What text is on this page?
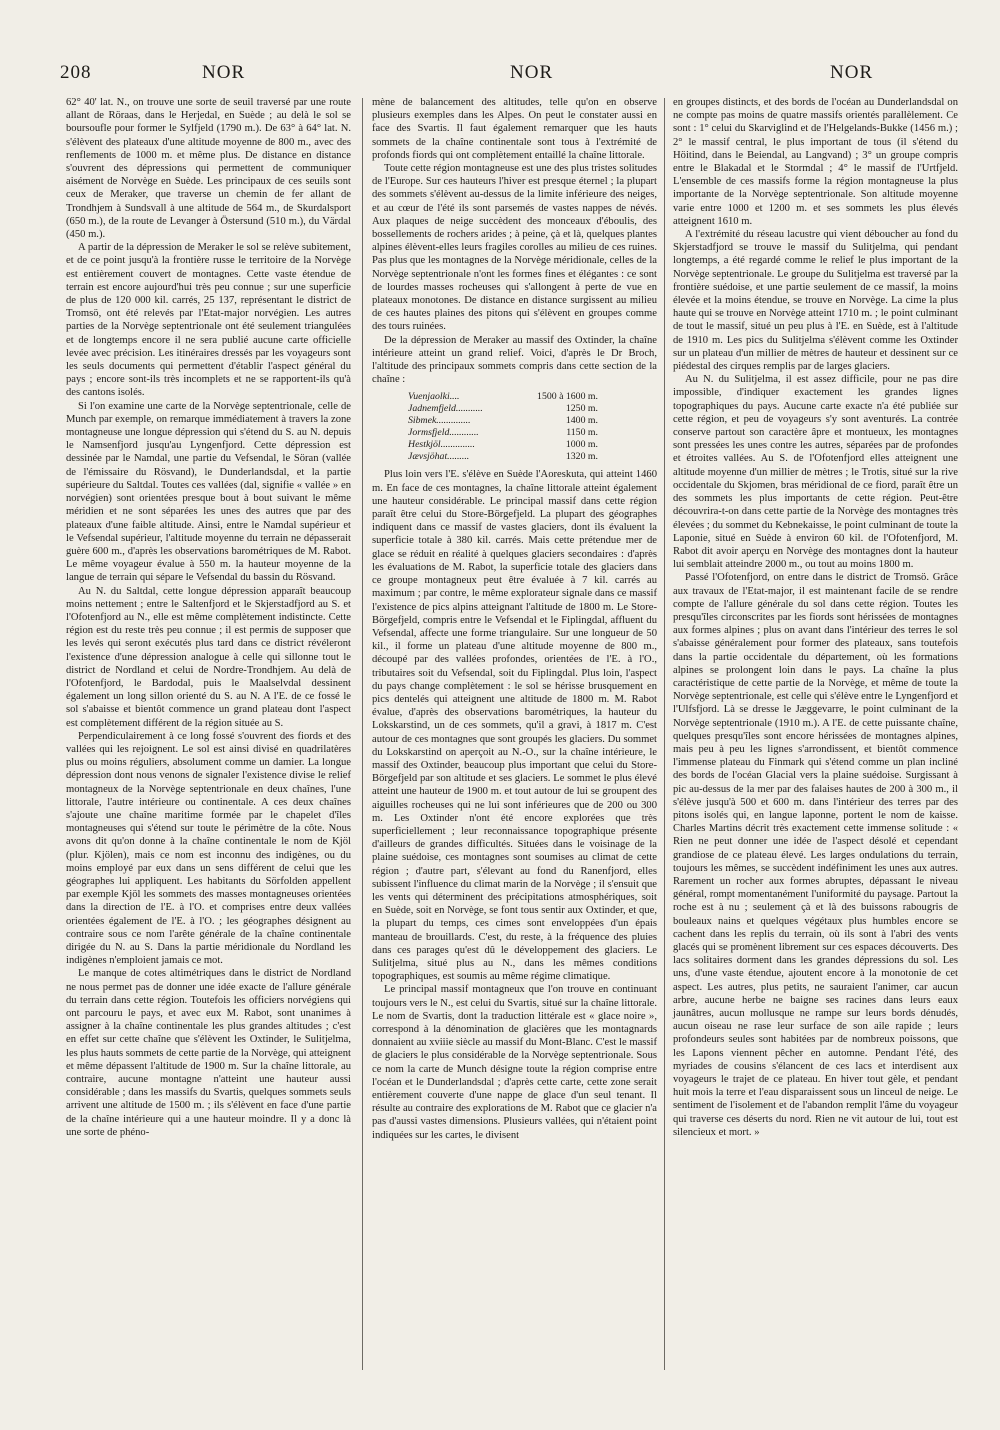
208	NOR	NOR	NOR

62° 40' lat. N., on trouve une sorte de seuil traversé par une route allant de Röraas, dans le Herjedal, en Suède ; au delà le sol se boursoufle pour former le Sylfjeld (1790 m.). De 63° à 64° lat. N. s'élèvent des plateaux d'une altitude moyenne de 800 m., avec des renflements de 1000 m. et même plus. De distance en distance s'ouvrent des dépressions qui permettent de communiquer aisément de Norvège en Suède. Les principaux de ces seuils sont ceux de Meraker, que traverse un chemin de fer allant de Trondhjem à Sundsvall à une altitude de 564 m., de Skurdalsport (650 m.), de la route de Levanger à Östersund (510 m.), du Värdal (450 m.).

A partir de la dépression de Meraker le sol se relève subitement, et de ce point jusqu'à la frontière russe le territoire de la Norvège est entièrement couvert de montagnes. Cette vaste étendue de terrain est encore aujourd'hui très peu connue ; sur une superficie de plus de 120 000 kil. carrés, 25 137, représentant le district de Tromsö, ont été relevés par l'Etat-major norvégien. Les autres parties de la Norvège septentrionale ont été seulement triangulées et de longtemps encore il ne sera publié aucune carte officielle levée avec précision. Les itinéraires dressés par les voyageurs sont les seuls documents qui permettent d'établir l'aspect général du pays ; encore sont-ils très incomplets et ne se rapportent-ils qu'à des cantons isolés.

Si l'on examine une carte de la Norvège septentrionale, celle de Munch par exemple, on remarque immédiatement à travers la zone montagneuse une longue dépression qui s'étend du S. au N. depuis le Namsenfjord jusqu'au Lyngenfjord. Cette dépression est dessinée par le Namdal, une partie du Vefsendal, le Söran (vallée de l'émissaire du Rösvand), le Dunderlandsdal, et la partie supérieure du Saltdal. Toutes ces vallées (dal, signifie « vallée » en norvégien) sont orientées presque bout à bout suivant le même méridien et ne sont séparées les unes des autres que par des plateaux d'une faible altitude. Ainsi, entre le Namdal supérieur et le Vefsendal supérieur, l'altitude moyenne du terrain ne dépasserait guère 600 m., d'après les observations barométriques de M. Rabot. Le même voyageur évalue à 550 m. la hauteur moyenne de la langue de terrain qui sépare le Vefsendal du bassin du Rösvand.

Au N. du Saltdal, cette longue dépression apparaît beaucoup moins nettement ; entre le Saltenfjord et le Skjerstadfjord au S. et l'Ofotenfjord au N., elle est même complètement indistincte. Cette région est du reste très peu connue ; il est permis de supposer que les levés qui seront exécutés plus tard dans ce district révéleront l'existence d'une dépression analogue à celle qui sillonne tout le district de Nordland et celui de Nordre-Trondhjem. Au delà de l'Ofotenfjord, le Bardodal, puis le Maalselvdal dessinent également un long sillon orienté du S. au N. A l'E. de ce fossé le sol s'abaisse et bientôt commence un grand plateau dont l'aspect est complètement différent de la région située au S.

Perpendiculairement à ce long fossé s'ouvrent des fiords et des vallées qui les rejoignent. Le sol est ainsi divisé en quadrilatères plus ou moins réguliers, absolument comme un damier. La longue dépression dont nous venons de signaler l'existence divise le relief montagneux de la Norvège septentrionale en deux chaînes, l'une littorale, l'autre intérieure ou continentale. A ces deux chaînes s'ajoute une chaîne maritime formée par le chapelet d'îles montagneuses qui s'étend sur toute le périmètre de la côte. Nous avons dit qu'on donne à la chaîne continentale le nom de Kjöl (plur. Kjölen), mais ce nom est inconnu des indigènes, ou du moins employé par eux dans un sens différent de celui que les géographes lui appliquent. Les habitants du Sörfolden appellent par exemple Kjöl les sommets des masses montagneuses orientées dans la direction de l'E. à l'O. et comprises entre deux vallées orientées également de l'E. à l'O. ; les géographes désignent au contraire sous ce nom l'arête générale de la chaîne continentale dirigée du N. au S. Dans la partie méridionale du Nordland les indigènes n'emploient jamais ce mot.

Le manque de cotes altimétriques dans le district de Nordland ne nous permet pas de donner une idée exacte de l'allure générale du terrain dans cette région. Toutefois les officiers norvégiens qui ont parcouru le pays, et avec eux M. Rabot, sont unanimes à assigner à la chaîne continentale les plus grandes altitudes ; c'est en effet sur cette chaîne que s'élèvent les Oxtinder, le Sulitjelma, les plus hauts sommets de cette partie de la Norvège, qui atteignent et même dépassent l'altitude de 1900 m. Sur la chaîne littorale, au contraire, aucune montagne n'atteint une hauteur aussi considérable ; dans les massifs du Svartis, quelques sommets seuls arrivent une altitude de 1500 m. ; ils s'élèvent en face d'une partie de la chaîne intérieure qui a une hauteur moindre. Il y a donc là une sorte de phéno-

mène de balancement des altitudes, telle qu'on en observe plusieurs exemples dans les Alpes. On peut le constater aussi en face des Svartis. Il faut également remarquer que les hauts sommets de la chaîne continentale sont tous à l'extrémité de profonds fiords qui ont complètement entaillé la chaîne littorale.

Toute cette région montagneuse est une des plus tristes solitudes de l'Europe. Sur ces hauteurs l'hiver est presque éternel ; la plupart des sommets s'élèvent au-dessus de la limite inférieure des neiges, et au cœur de l'été ils sont parsemés de vastes nappes de névés. Aux plaques de neige succèdent des monceaux d'éboulis, des bossellements de rochers arides ; à peine, çà et là, quelques plantes alpines élèvent-elles leurs fragiles corolles au milieu de ces ruines. Pas plus que les montagnes de la Norvège méridionale, celles de la Norvège septentrionale n'ont les formes fines et élégantes : ce sont de lourdes masses rocheuses qui s'allongent à perte de vue en plateaux monotones. De distance en distance surgissent au milieu de ces hautes plaines des pitons qui s'élèvent en groupes comme des tours ruinées.

De la dépression de Meraker au massif des Oxtinder, la chaîne intérieure atteint un grand relief. Voici, d'après le Dr Broch, l'altitude des principaux sommets compris dans cette section de la chaîne :

Vuenjaolki....	1500 à 1600 m.
Jadnemfjeld...........	1250 m.
Sibmek..............	1400 m.
Jormsfjeld............	1150 m.
Hestkjöl..............	1000 m.
Jævsjöhat.........	1320 m.

Plus loin vers l'E. s'élève en Suède l'Aoreskuta, qui atteint 1460 m. En face de ces montagnes, la chaîne littorale atteint également une hauteur considérable. Le principal massif dans cette région paraît être celui du Store-Börgefjeld. La plupart des géographes indiquent dans ce massif de vastes glaciers, dont ils évaluent la superficie totale à 380 kil. carrés. Mais cette prétendue mer de glace se réduit en réalité à quelques glaciers secondaires : d'après les évaluations de M. Rabot, la superficie totale des glaciers dans ce groupe montagneux peut être évaluée à 7 kil. carrés au maximum ; par contre, le même explorateur signale dans ce massif l'existence de pics alpins atteignant l'altitude de 1800 m. Le Store-Börgefjeld, compris entre le Vefsendal et le Fiplingdal, affluent du Vefsendal, affecte une forme triangulaire. Sur une longueur de 50 kil., il forme un plateau d'une altitude moyenne de 800 m., découpé par des vallées profondes, orientées de l'E. à l'O., tributaires soit du Vefsendal, soit du Fiplingdal. Plus loin, l'aspect du pays change complètement : le sol se hérisse brusquement en pics dentelés qui atteignent une altitude de 1800 m. M. Rabot évalue, d'après des observations barométriques, la hauteur du Lokskarstind, un de ces sommets, qu'il a gravi, à 1817 m. C'est autour de ces montagnes que sont groupés les glaciers. Du sommet du Lokskarstind on aperçoit au N.-O., sur la chaîne intérieure, le massif des Oxtinder, beaucoup plus important que celui du Store-Börgefjeld par son altitude et ses glaciers. Le sommet le plus élevé atteint une hauteur de 1900 m. et tout autour de lui se groupent des aiguilles rocheuses qui ne lui sont inférieures que de 200 ou 300 m. Les Oxtinder n'ont été encore explorées que très superficiellement ; leur reconnaissance topographique présente d'ailleurs de grandes difficultés. Situées dans le voisinage de la plaine suédoise, ces montagnes sont soumises au climat de cette région ; d'autre part, s'élevant au fond du Ranenfjord, elles subissent l'influence du climat marin de la Norvège ; il s'ensuit que les vents qui déterminent des précipitations atmosphériques, soit en Suède, soit en Norvège, se font tous sentir aux Oxtinder, et que, la plupart du temps, ces cimes sont enveloppées d'un épais manteau de brouillards. C'est, du reste, à la fréquence des pluies dans ces parages qu'est dû le développement des glaciers. Le Sulitjelma, situé plus au N., dans les mêmes conditions topographiques, est soumis au même régime climatique.

Le principal massif montagneux que l'on trouve en continuant toujours vers le N., est celui du Svartis, situé sur la chaîne littorale. Le nom de Svartis, dont la traduction littérale est « glace noire », correspond à la dénomination de glacières que les montagnards donnaient au xviiie siècle au massif du Mont-Blanc. C'est le massif de glaciers le plus considérable de la Norvège septentrionale. Sous ce nom la carte de Munch désigne toute la région comprise entre l'océan et le Dunderlandsdal ; d'après cette carte, cette zone serait entièrement couverte d'une nappe de glace d'un seul tenant. Il résulte au contraire des explorations de M. Rabot que ce glacier n'a pas d'aussi vastes dimensions. Plusieurs vallées, qui n'étaient point indiquées sur les cartes, le divisent

en groupes distincts, et des bords de l'océan au Dunderlandsdal on ne compte pas moins de quatre massifs orientés parallèlement. Ce sont : 1° celui du Skarviglind et de l'Helgelands-Bukke (1456 m.) ; 2° le massif central, le plus important de tous (il s'étend du Höitind, dans le Beiendal, au Langvand) ; 3° un groupe compris entre le Blakadal et le Stormdal ; 4° le massif de l'Urtfjeld. L'ensemble de ces massifs forme la région montagneuse la plus importante de la Norvège septentrionale. Son altitude moyenne varie entre 1000 et 1200 m. et ses sommets les plus élevés atteignent 1610 m.

A l'extrémité du réseau lacustre qui vient déboucher au fond du Skjerstadfjord se trouve le massif du Sulitjelma, qui pendant longtemps, a été regardé comme le relief le plus important de la Norvège septentrionale. Le groupe du Sulitjelma est traversé par la frontière suédoise, et une partie seulement de ce massif, la moins élevée et la moins étendue, se trouve en Norvège. La cime la plus haute qui se trouve en Norvège atteint 1710 m. ; le point culminant de tout le massif, situé un peu plus à l'E. en Suède, est à l'altitude de 1910 m. Les pics du Sulitjelma s'élèvent comme les Oxtinder sur un plateau d'un millier de mètres de hauteur et dessinent sur ce piédestal des cirques remplis par de larges glaciers.

Au N. du Sulitjelma, il est assez difficile, pour ne pas dire impossible, d'indiquer exactement les grandes lignes topographiques du pays. Aucune carte exacte n'a été publiée sur cette région, et peu de voyageurs s'y sont aventurés. La contrée conserve partout son caractère âpre et montueux, les montagnes sont pressées les unes contre les autres, séparées par de profondes et étroites vallées. Au S. de l'Ofotenfjord elles atteignent une altitude moyenne d'un millier de mètres ; le Trotis, situé sur la rive occidentale du Skjomen, bras méridional de ce fiord, paraît être un des sommets les plus importants de cette région. Peut-être découvrira-t-on dans cette partie de la Norvège des montagnes très élevées ; du sommet du Kebnekaisse, le point culminant de toute la Laponie, situé en Suède à environ 60 kil. de l'Ofotenfjord, M. Rabot dit avoir aperçu en Norvège des montagnes dont la hauteur lui semblait atteindre 2000 m., ou tout au moins 1800 m.

Passé l'Ofotenfjord, on entre dans le district de Tromsö. Grâce aux travaux de l'Etat-major, il est maintenant facile de se rendre compte de l'allure générale du sol dans cette région. Toutes les presqu'îles circonscrites par les fiords sont hérissées de montagnes aux formes alpines ; plus on avant dans l'intérieur des terres le sol s'abaisse généralement pour former des plateaux, sans toutefois dans la partie occidentale du département, où les formations alpines se prolongent loin dans le pays. La chaîne la plus caractéristique de cette partie de la Norvège, et même de toute la Norvège septentrionale, est celle qui s'élève entre le Lyngenfjord et l'Ulfsfjord. Là se dresse le Jæggevarre, le point culminant de la Norvège septentrionale (1910 m.). A l'E. de cette puissante chaîne, quelques presqu'îles sont encore hérissées de montagnes alpines, mais peu à peu les lignes s'arrondissent, et bientôt commence l'immense plateau du Finmark qui s'étend comme un plan incliné des bords de l'océan Glacial vers la plaine suédoise. Surgissant à pic au-dessus de la mer par des falaises hautes de 200 à 300 m., il s'élève jusqu'à 500 et 600 m. dans l'intérieur des terres par des pitons isolés qui, en langue laponne, portent le nom de kaisse. Charles Martins décrit très exactement cette immense solitude : « Rien ne peut donner une idée de l'aspect désolé et cependant grandiose de ce plateau élevé. Les larges ondulations du terrain, toujours les mêmes, se succèdent indéfiniment les unes aux autres. Rarement un rocher aux formes abruptes, dépassant le niveau général, rompt momentanément l'uniformité du paysage. Partout la roche est à nu ; seulement çà et là des buissons rabougris de bouleaux nains et quelques végétaux plus humbles encore se cachent dans les replis du terrain, où ils sont à l'abri des vents glacés qui se promènent librement sur ces espaces découverts. Des lacs solitaires dorment dans les grandes dépressions du sol. Les uns, d'une vaste étendue, ajoutent encore à la monotonie de cet aspect. Les autres, plus petits, ne sauraient l'animer, car aucun arbre, aucune herbe ne baigne ses racines dans leurs eaux jaunâtres, aucun mollusque ne rampe sur leurs bords dénudés, aucun oiseau ne rase leur surface de son aile rapide ; leurs profondeurs seules sont habitées par de nombreux poissons, que les Lapons viennent pêcher en automne. Pendant l'été, des myriades de cousins s'élancent de ces lacs et interdisent aux voyageurs le trajet de ce plateau. En hiver tout gèle, et pendant huit mois la terre et l'eau disparaissent sous un linceul de neige. Le sentiment de l'isolement et de l'abandon remplit l'âme du voyageur qui traverse ces déserts du nord. Rien ne vit autour de lui, tout est silencieux et mort. »
